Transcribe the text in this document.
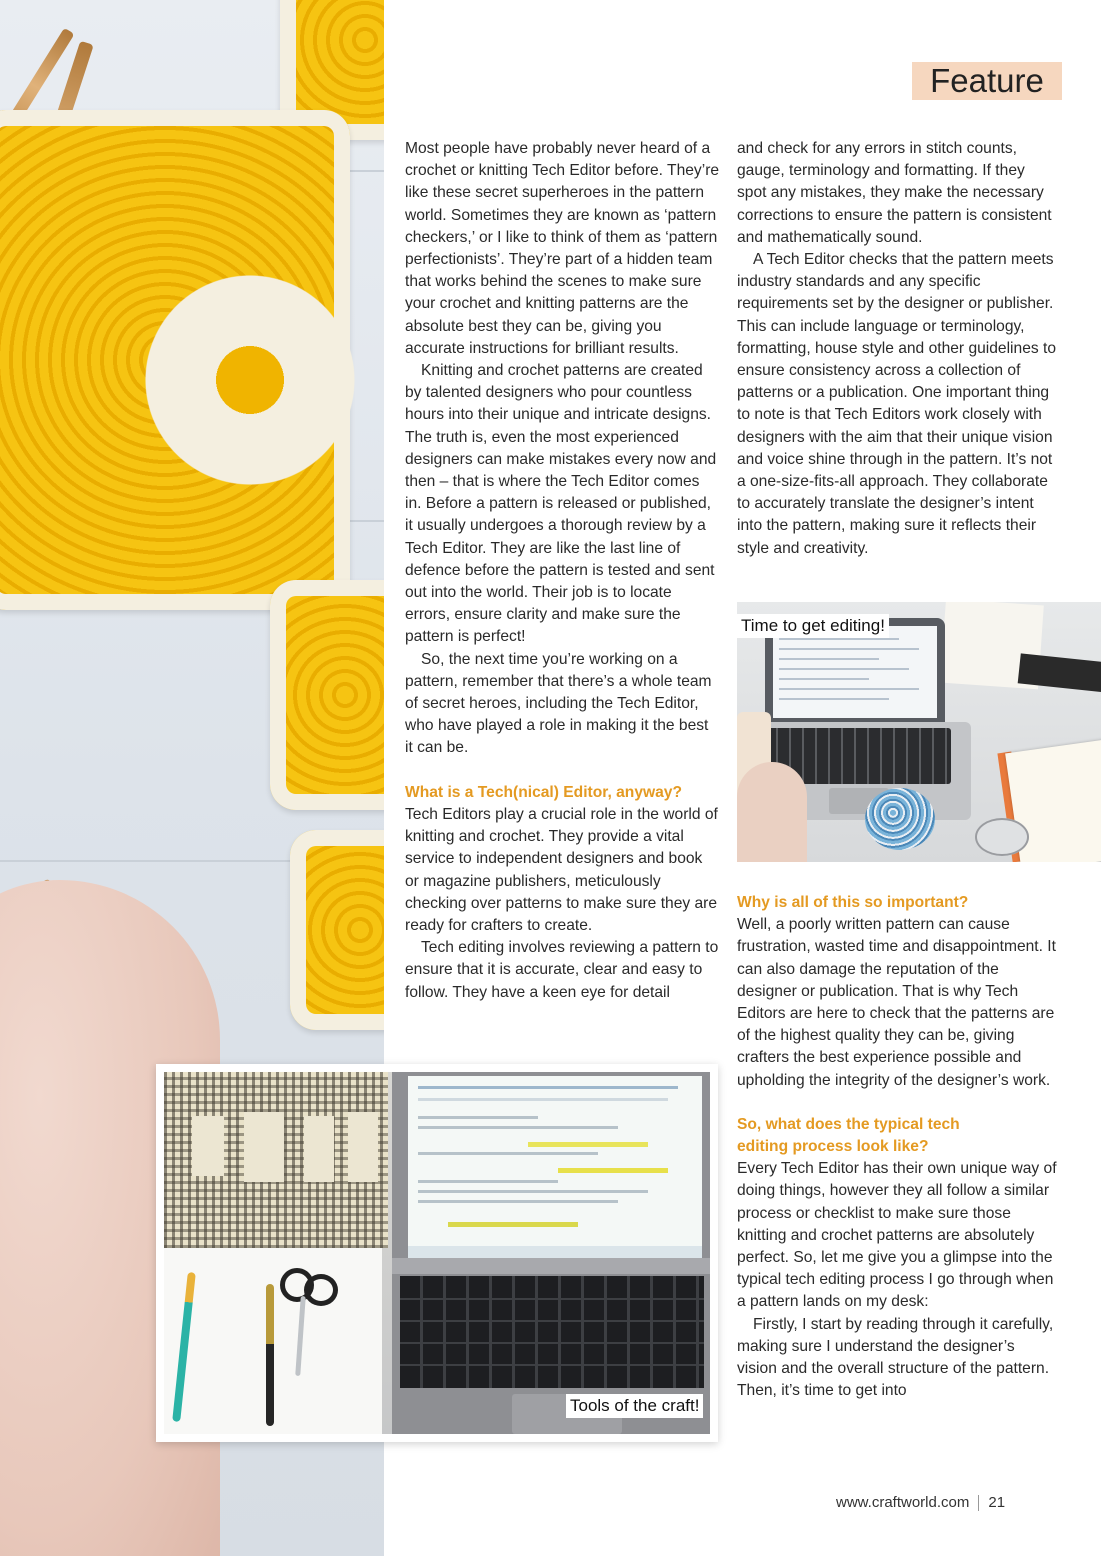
Feature

Most people have probably never heard of a crochet or knitting Tech Editor before. They’re like these secret superheroes in the pattern world. Sometimes they are known as ‘pattern checkers,’ or I like to think of them as ‘pattern perfectionists’. They’re part of a hidden team that works behind the scenes to make sure your crochet and knitting patterns are the absolute best they can be, giving you accurate instructions for brilliant results.

Knitting and crochet patterns are created by talented designers who pour countless hours into their unique and intricate designs. The truth is, even the most experienced designers can make mistakes every now and then – that is where the Tech Editor comes in. Before a pattern is released or published, it usually undergoes a thorough review by a Tech Editor. They are like the last line of defence before the pattern is tested and sent out into the world. Their job is to locate errors, ensure clarity and make sure the pattern is perfect!

So, the next time you’re working on a pattern, remember that there’s a whole team of secret heroes, including the Tech Editor, who have played a role in making it the best it can be.

What is a Tech(nical) Editor, anyway?

Tech Editors play a crucial role in the world of knitting and crochet. They provide a vital service to independent designers and book or magazine publishers, meticulously checking over patterns to make sure they are ready for crafters to create.

Tech editing involves reviewing a pattern to ensure that it is accurate, clear and easy to follow. They have a keen eye for detail

and check for any errors in stitch counts, gauge, terminology and formatting. If they spot any mistakes, they make the necessary corrections to ensure the pattern is consistent and mathematically sound.

A Tech Editor checks that the pattern meets industry standards and any specific requirements set by the designer or publisher. This can include language or terminology, formatting, house style and other guidelines to ensure consistency across a collection of patterns or a publication. One important thing to note is that Tech Editors work closely with designers with the aim that their unique vision and voice shine through in the pattern. It’s not a one-size-fits-all approach. They collaborate to accurately translate the designer’s intent into the pattern, making sure it reflects their style and creativity.

Time to get editing!
Why is all of this so important?

Well, a poorly written pattern can cause frustration, wasted time and disappointment. It can also damage the reputation of the designer or publication. That is why Tech Editors are here to check that the patterns are of the highest quality they can be, giving crafters the best experience possible and upholding the integrity of the designer’s work.

So, what does the typical tech editing process look like?

Every Tech Editor has their own unique way of doing things, however they all follow a similar process or checklist to make sure those knitting and crochet patterns are absolutely perfect. So, let me give you a glimpse into the typical tech editing process I go through when a pattern lands on my desk:

Firstly, I start by reading through it carefully, making sure I understand the designer’s vision and the overall structure of the pattern. Then, it’s time to get into

Tools of the craft!
www.craftworld.com 21
